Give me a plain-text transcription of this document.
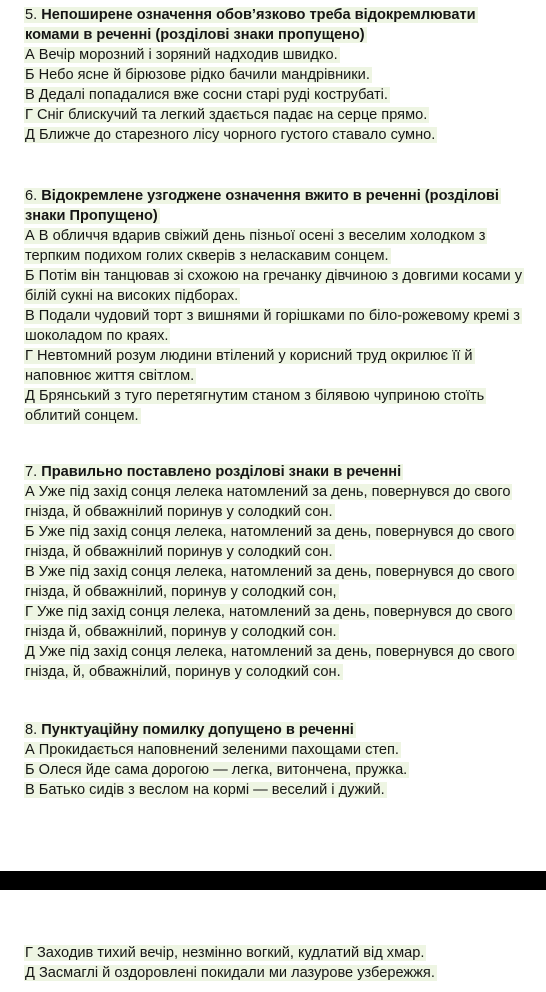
5. Непоширене означення обов’язково треба відокремлювати
комами в реченні (розділові знаки пропущено)
А Вечір морозний і зоряний надходив швидко.
Б Небо ясне й бірюзове рідко бачили мандрівники.
В Дедалі попадалися вже сосни старі руді кострубаті.
Г Сніг блискучий та легкий здається падає на серце прямо.
Д Ближче до старезного лісу чорного густого ставало сумно.
6. Відокремлене узгоджене означення вжито в реченні (розділові
знаки Пропущено)
А В обличчя вдарив свіжий день пізньої осені з веселим холодком з
терпким подихом голих скверів з неласкавим сонцем.
Б Потім він танцював зі схожою на гречанку дівчиною з довгими косами у
білій сукні на високих підборах.
В Подали чудовий торт з вишнями й горішками по біло-рожевому кремі з
шоколадом по краях.
Г Невтомний розум людини втілений у корисний труд окрилює її й
наповнює життя світлом.
Д Брянський з туго перетягнутим станом з білявою чуприною стоїть
облитий сонцем.
7. Правильно поставлено розділові знаки в реченні
А Уже під захід сонця лелека натомлений за день, повернувся до свого
гнізда, й обважнілий поринув у солодкий сон.
Б Уже під захід сонця лелека, натомлений за день, повернувся до свого
гнізда, й обважнілий поринув у солодкий сон.
В Уже під захід сонця лелека, натомлений за день, повернувся до свого
гнізда, й обважнілий, поринув у солодкий сон,
Г Уже під захід сонця лелека, натомлений за день, повернувся до свого
гнізда й, обважнілий, поринув у солодкий сон.
Д Уже під захід сонця лелека, натомлений за день, повернувся до свого
гнізда, й, обважнілий, поринув у солодкий сон.
8. Пунктуаційну помилку допущено в реченні
А Прокидається наповнений зеленими пахощами степ.
Б Олеся йде сама дорогою — легка, витончена, пружка.
В Батько сидів з веслом на кормі — веселий і дужий.
Г Заходив тихий вечір, незмінно вогкий, кудлатий від хмар.
Д Засмаглі й оздоровлені покидали ми лазурове узбережжя.
